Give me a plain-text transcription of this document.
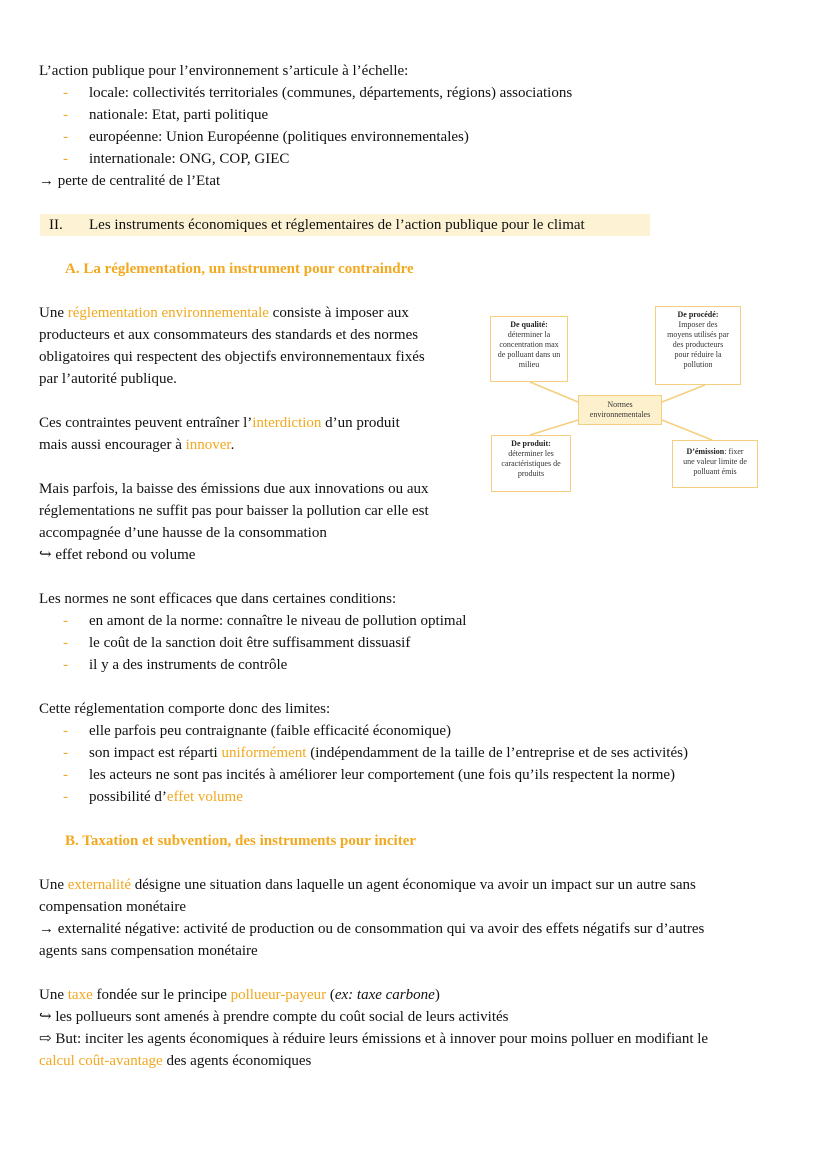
L’action publique pour l’environnement s’articule à l’échelle:
- locale: collectivités territoriales (communes, départements, régions) associations
- nationale: Etat, parti politique
- européenne: Union Européenne (politiques environnementales)
- internationale: ONG, COP, GIEC
→ perte de centralité de l’Etat
II. Les instruments économiques et réglementaires de l’action publique pour le climat
A. La réglementation, un instrument pour contraindre
Une réglementation environnementale consiste à imposer aux
producteurs et aux consommateurs des standards et des normes
obligatoires qui respectent des objectifs environnementaux fixés
par l’autorité publique.
Ces contraintes peuvent entraîner l’interdiction d’un produit
mais aussi encourager à innover.
Mais parfois, la baisse des émissions due aux innovations ou aux
réglementations ne suffit pas pour baisser la pollution car elle est
accompagnée d’une hausse de la consommation
↪ effet rebond ou volume
Les normes ne sont efficaces que dans certaines conditions:
- en amont de la norme: connaître le niveau de pollution optimal
- le coût de la sanction doit être suffisamment dissuasif
- il y a des instruments de contrôle
Cette réglementation comporte donc des limites:
- elle parfois peu contraignante (faible efficacité économique)
- son impact est réparti uniformément (indépendamment de la taille de l’entreprise et de ses activités)
- les acteurs ne sont pas incités à améliorer leur comportement (une fois qu’ils respectent la norme)
- possibilité d’effet volume
De qualité:
déterminer la
concentration max
de polluant dans un
milieu
De procédé:
Imposer des
moyens utilisés par
des producteurs
pour réduire la
pollution
Normes
environnementales
De produit:
déterminer les
caractéristiques de
produits
D’émission: fixer
une valeur limite de
polluant émis
B. Taxation et subvention, des instruments pour inciter
Une externalité désigne une situation dans laquelle un agent économique va avoir un impact sur un autre sans
compensation monétaire
→ externalité négative: activité de production ou de consommation qui va avoir des effets négatifs sur d’autres
agents sans compensation monétaire
Une taxe fondée sur le principe pollueur-payeur (ex: taxe carbone)
↪ les pollueurs sont amenés à prendre compte du coût social de leurs activités
⇨ But: inciter les agents économiques à réduire leurs émissions et à innover pour moins polluer en modifiant le
calcul coût-avantage des agents économiques
